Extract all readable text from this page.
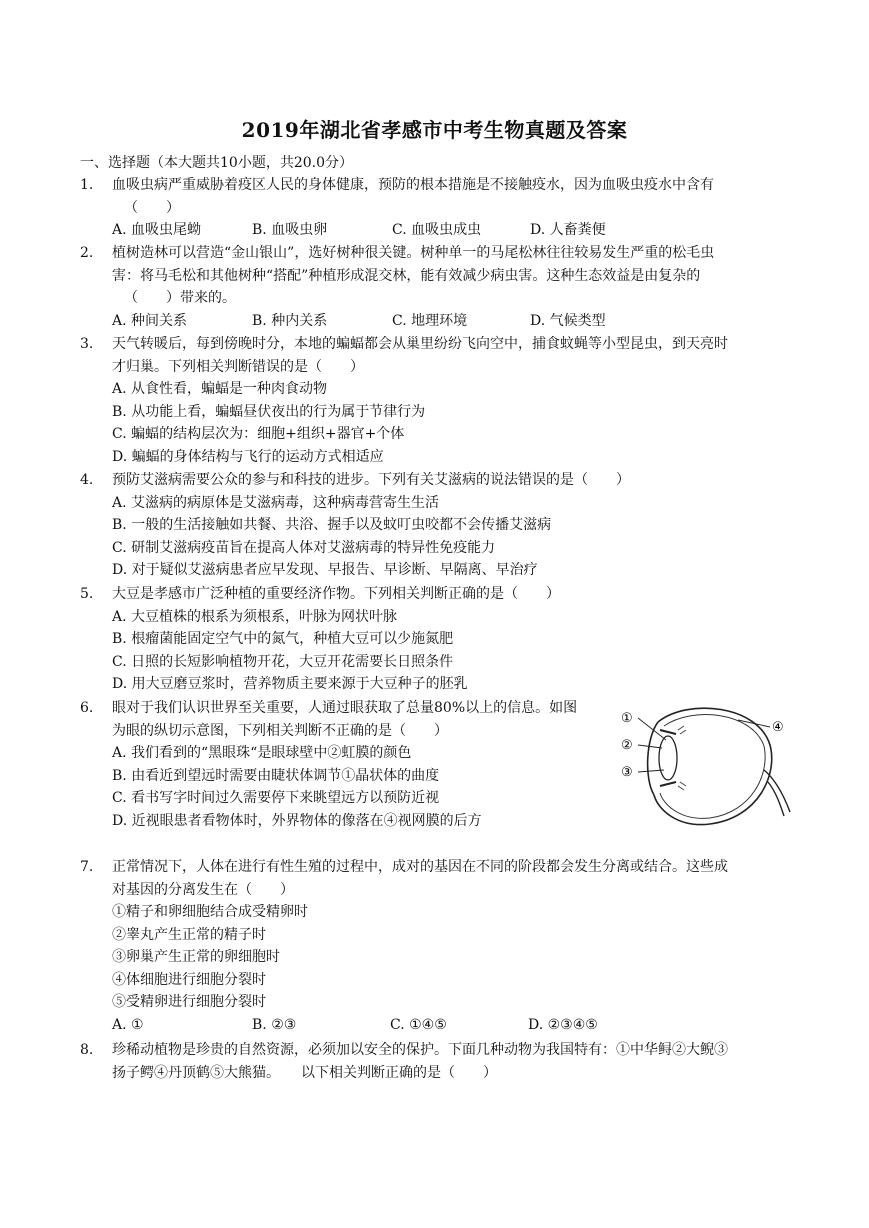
2019年湖北省孝感市中考生物真题及答案
一、选择题（本大题共10小题，共20.0分）
1.	血吸虫病严重威胁着疫区人民的身体健康，预防的根本措施是不接触疫水，因为血吸虫疫水中含有
（　　）
A. 血吸虫尾蚴	B. 血吸虫卵	C. 血吸虫成虫	D. 人畜粪便
2.	植树造林可以营造“金山银山”，选好树种很关键。树种单一的马尾松林往往较易发生严重的松毛虫
害：将马毛松和其他树种“搭配”种植形成混交林，能有效减少病虫害。这种生态效益是由复杂的
（　　）带来的。
A. 种间关系	B. 种内关系	C. 地理环境	D. 气候类型
3.	天气转暖后，每到傍晚时分，本地的蝙蝠都会从巢里纷纷飞向空中，捕食蚊蝇等小型昆虫，到天亮时
才归巢。下列相关判断错误的是（　　）
A. 从食性看，蝙蝠是一种肉食动物
B. 从功能上看，蝙蝠昼伏夜出的行为属于节律行为
C. 蝙蝠的结构层次为：细胞+组织+器官+个体
D. 蝙蝠的身体结构与飞行的运动方式相适应
4.	预防艾滋病需要公众的参与和科技的进步。下列有关艾滋病的说法错误的是（　　）
A. 艾滋病的病原体是艾滋病毒，这种病毒营寄生生活
B. 一般的生活接触如共餐、共浴、握手以及蚊叮虫咬都不会传播艾滋病
C. 研制艾滋病疫苗旨在提高人体对艾滋病毒的特异性免疫能力
D. 对于疑似艾滋病患者应早发现、早报告、早诊断、早隔离、早治疗
5.	大豆是孝感市广泛种植的重要经济作物。下列相关判断正确的是（　　）
A. 大豆植株的根系为须根系，叶脉为网状叶脉
B. 根瘤菌能固定空气中的氮气，种植大豆可以少施氮肥
C. 日照的长短影响植物开花，大豆开花需要长日照条件
D. 用大豆磨豆浆时，营养物质主要来源于大豆种子的胚乳
6.	眼对于我们认识世界至关重要，人通过眼获取了总量80%以上的信息。如图
为眼的纵切示意图，下列相关判断不正确的是（　　）
A. 我们看到的“黑眼珠“是眼球壁中②虹膜的颜色
B. 由看近到望远时需要由睫状体调节①晶状体的曲度
C. 看书写字时间过久需要停下来眺望远方以预防近视
D. 近视眼患者看物体时，外界物体的像落在④视网膜的后方
①
②
③
④
7.	正常情况下，人体在进行有性生殖的过程中，成对的基因在不同的阶段都会发生分离或结合。这些成
对基因的分离发生在（　　）
①精子和卵细胞结合成受精卵时
②睾丸产生正常的精子时
③卵巢产生正常的卵细胞时
④体细胞进行细胞分裂时
⑤受精卵进行细胞分裂时
A. ①	B. ②③	C. ①④⑤	D. ②③④⑤
8.	珍稀动植物是珍贵的自然资源，必须加以安全的保护。下面几种动物为我国特有：①中华鲟②大鲵③
扬子鳄④丹顶鹤⑤大熊猫。　　以下相关判断正确的是（　　）
